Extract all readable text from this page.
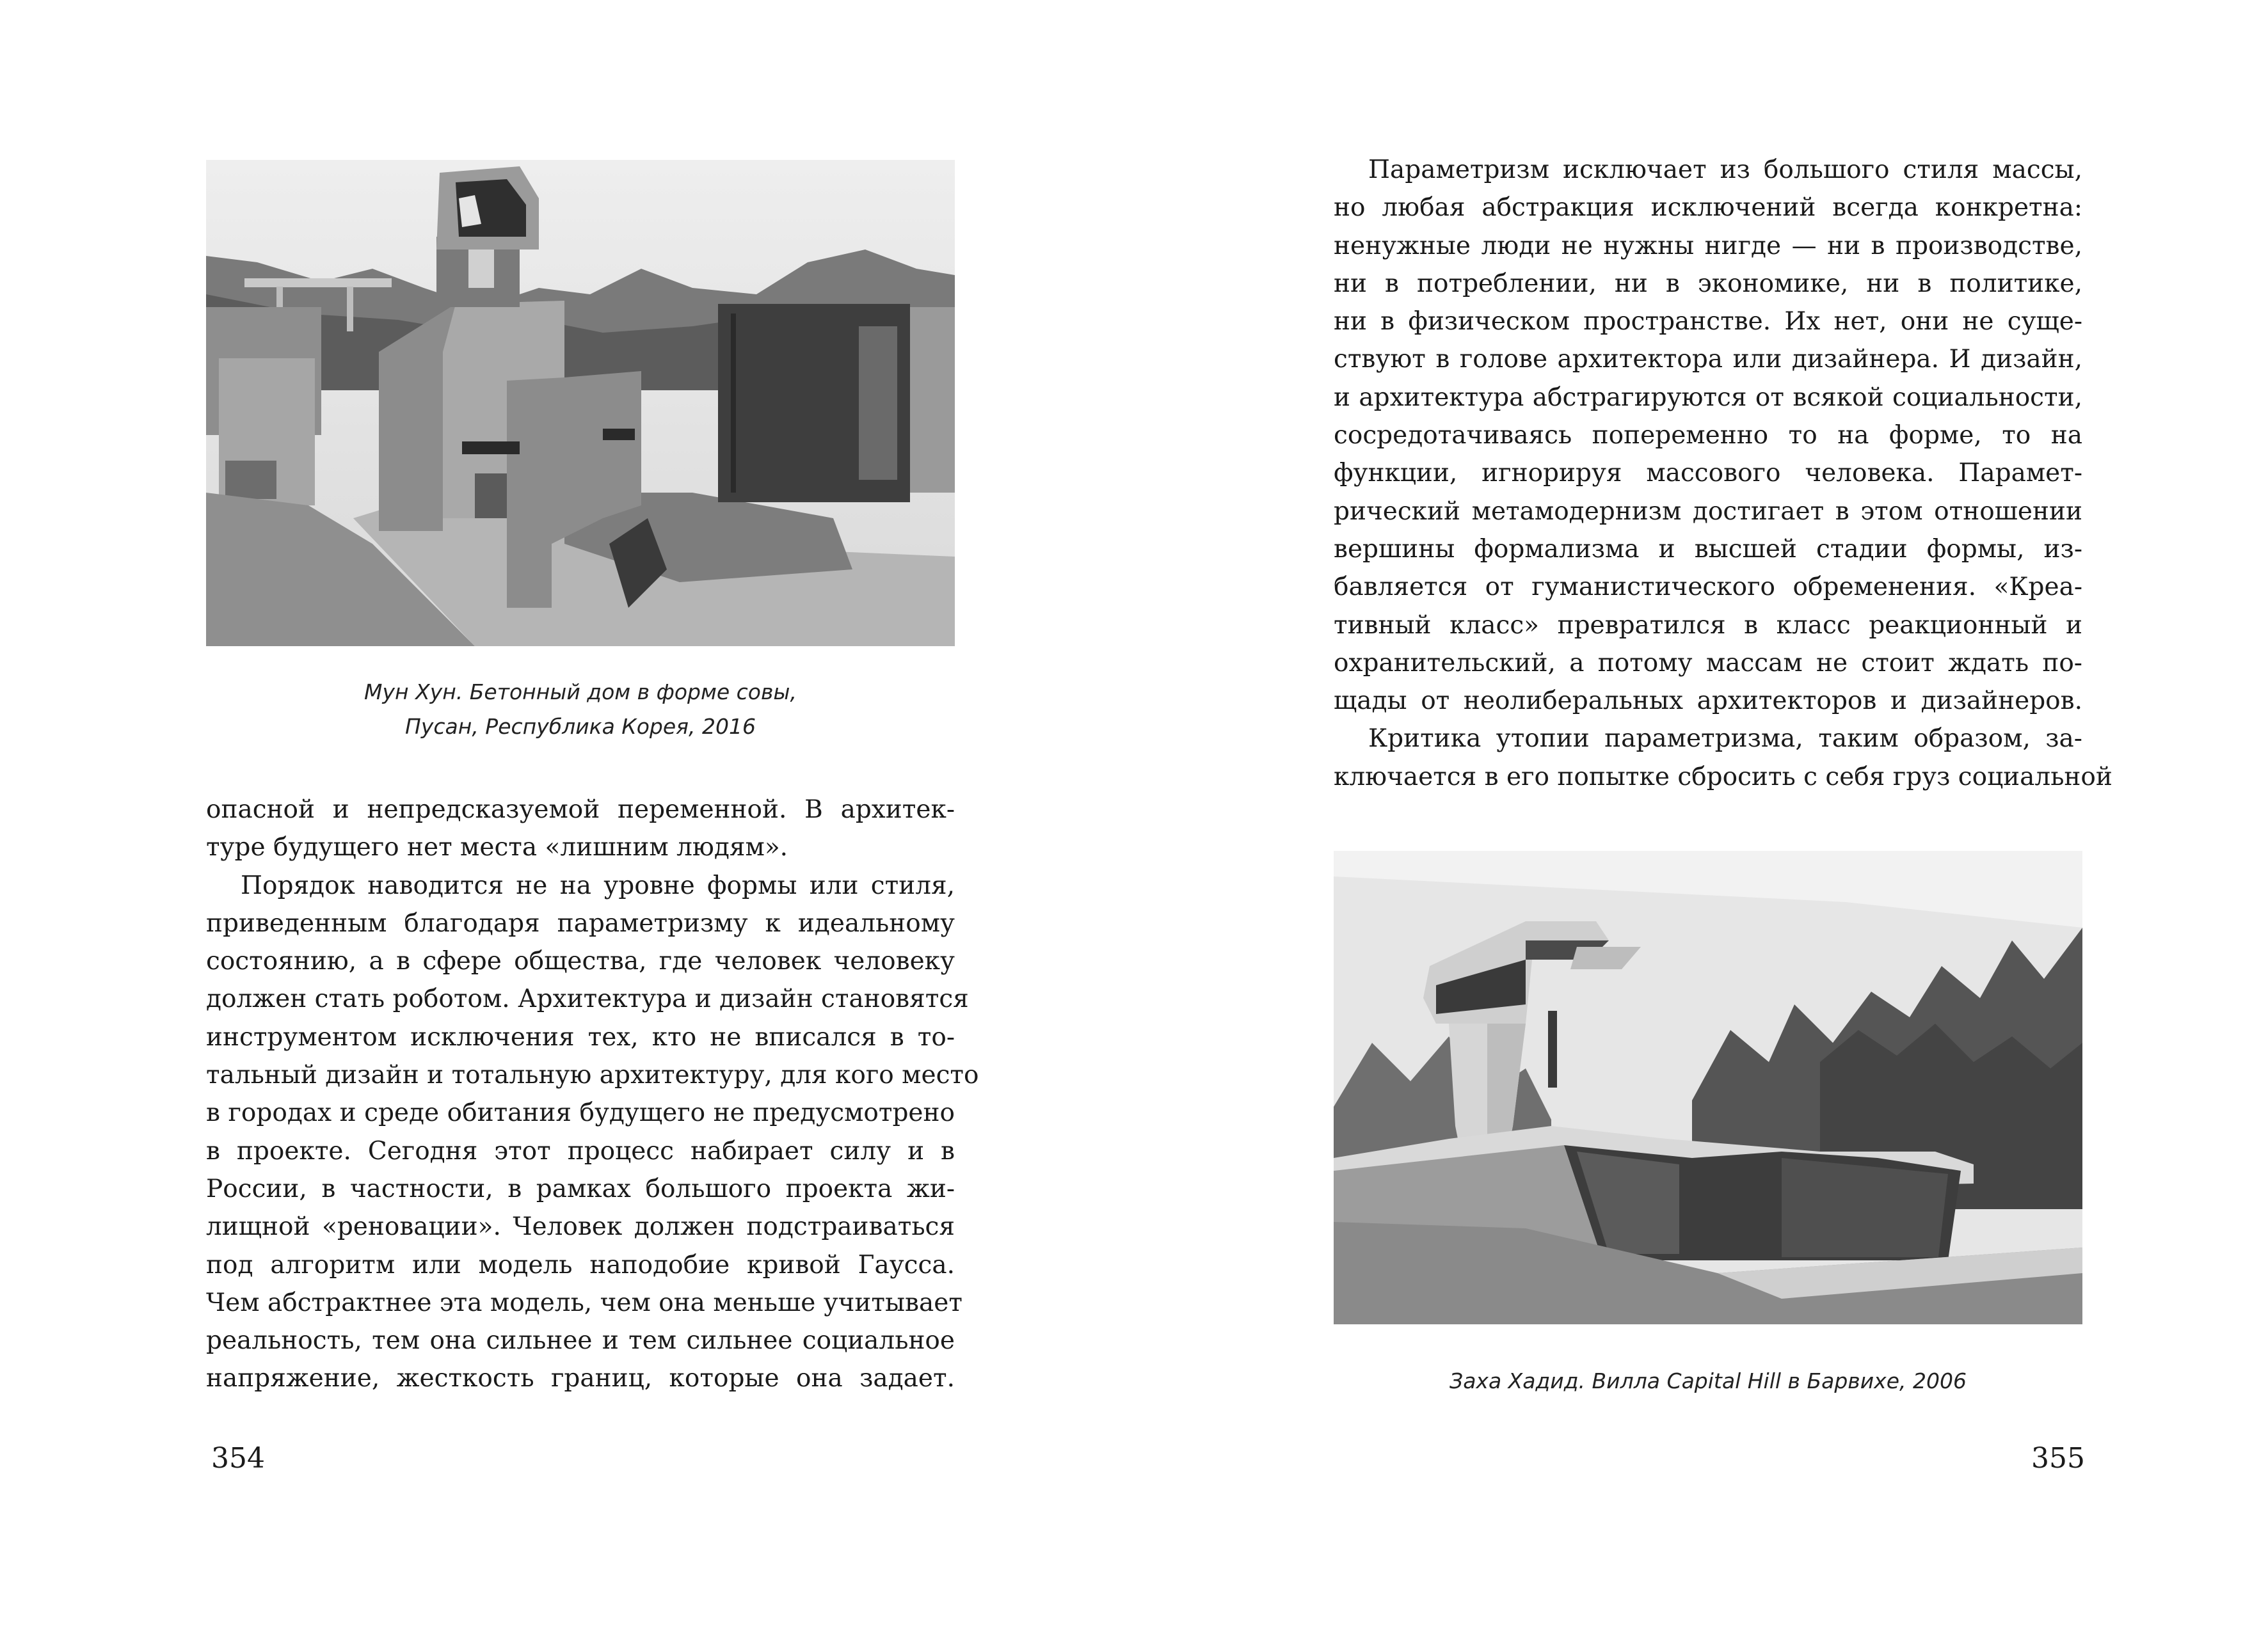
Мун Хун. Бетонный дом в форме совы,
Пусан, Республика Корея, 2016
опасной и непредсказуемой переменной. В архитек-
туре будущего нет места «лишним людям».
Порядок наводится не на уровне формы или стиля,
приведенным благодаря параметризму к идеальному
состоянию, а в сфере общества, где человек человеку
должен стать роботом. Архитектура и дизайн становятся
инструментом исключения тех, кто не вписался в то-
тальный дизайн и тотальную архитектуру, для кого место
в городах и среде обитания будущего не предусмотрено
в проекте. Сегодня этот процесс набирает силу и в
России, в частности, в рамках большого проекта жи-
лищной «реновации». Человек должен подстраиваться
под алгоритм или модель наподобие кривой Гаусса.
Чем абстрактнее эта модель, чем она меньше учитывает
реальность, тем она сильнее и тем сильнее социальное
напряжение, жесткость границ, которые она задает.
354
Параметризм исключает из большого стиля массы,
но любая абстракция исключений всегда конкретна:
ненужные люди не нужны нигде — ни в производстве,
ни в потреблении, ни в экономике, ни в политике,
ни в физическом пространстве. Их нет, они не суще-
ствуют в голове архитектора или дизайнера. И дизайн,
и архитектура абстрагируются от всякой социальности,
сосредотачиваясь попеременно то на форме, то на
функции, игнорируя массового человека. Парамет-
рический метамодернизм достигает в этом отношении
вершины формализма и высшей стадии формы, из-
бавляется от гуманистического обременения. «Креа-
тивный класс» превратился в класс реакционный и
охранительский, а потому массам не стоит ждать по-
щады от неолиберальных архитекторов и дизайнеров.
Критика утопии параметризма, таким образом, за-
ключается в его попытке сбросить с себя груз социальной
Заха Хадид. Вилла Capital Hill в Барвихе, 2006
355
